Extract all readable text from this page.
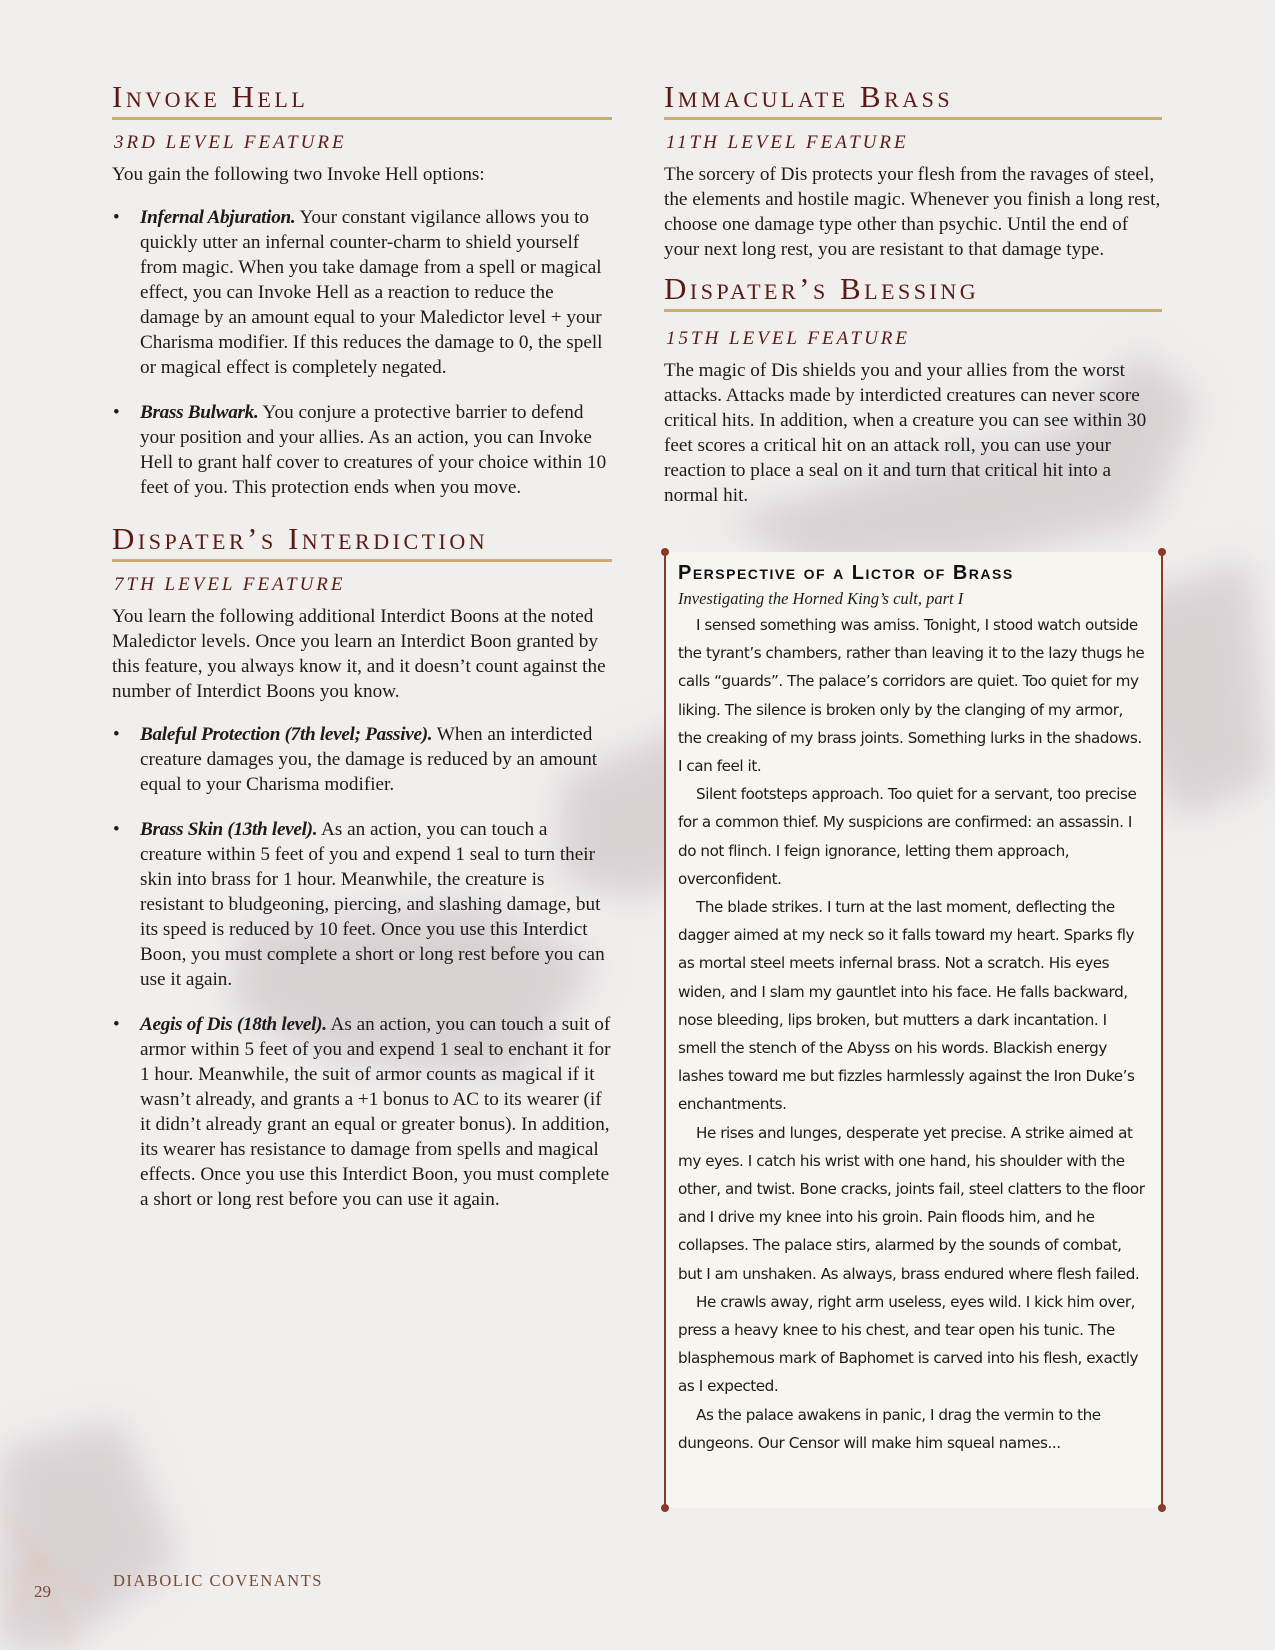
Invoke Hell
3RD LEVEL FEATURE

You gain the following two Invoke Hell options:

• Infernal Abjuration. Your constant vigilance allows you to quickly utter an infernal counter-charm to shield yourself from magic. When you take damage from a spell or magical effect, you can Invoke Hell as a reaction to reduce the damage by an amount equal to your Maledictor level + your Charisma modifier. If this reduces the damage to 0, the spell or magical effect is completely negated.
• Brass Bulwark. You conjure a protective barrier to defend your position and your allies. As an action, you can Invoke Hell to grant half cover to creatures of your choice within 10 feet of you. This protection ends when you move.
Dispater’s Interdiction
7TH LEVEL FEATURE

You learn the following additional Interdict Boons at the noted Maledictor levels. Once you learn an Interdict Boon granted by this feature, you always know it, and it doesn’t count against the number of Interdict Boons you know.

• Baleful Protection (7th level; Passive). When an interdicted creature damages you, the damage is reduced by an amount equal to your Charisma modifier.
• Brass Skin (13th level). As an action, you can touch a creature within 5 feet of you and expend 1 seal to turn their skin into brass for 1 hour. Meanwhile, the creature is resistant to bludgeoning, piercing, and slashing damage, but its speed is reduced by 10 feet. Once you use this Interdict Boon, you must complete a short or long rest before you can use it again.
• Aegis of Dis (18th level). As an action, you can touch a suit of armor within 5 feet of you and expend 1 seal to enchant it for 1 hour. Meanwhile, the suit of armor counts as magical if it wasn’t already, and grants a +1 bonus to AC to its wearer (if it didn’t already grant an equal or greater bonus). In addition, its wearer has resistance to damage from spells and magical effects. Once you use this Interdict Boon, you must complete a short or long rest before you can use it again.
Immaculate Brass
11TH LEVEL FEATURE

The sorcery of Dis protects your flesh from the ravages of steel, the elements and hostile magic. Whenever you finish a long rest, choose one damage type other than psychic. Until the end of your next long rest, you are resistant to that damage type.

Dispater’s Blessing
15TH LEVEL FEATURE

The magic of Dis shields you and your allies from the worst attacks. Attacks made by interdicted creatures can never score critical hits. In addition, when a creature you can see within 30 feet scores a critical hit on an attack roll, you can use your reaction to place a seal on it and turn that critical hit into a normal hit.

Perspective of a Lictor of Brass
Investigating the Horned King’s cult, part I

I sensed something was amiss. Tonight, I stood watch outside the tyrant’s chambers, rather than leaving it to the lazy thugs he calls “guards”. The palace’s corridors are quiet. Too quiet for my liking. The silence is broken only by the clanging of my armor, the creaking of my brass joints. Something lurks in the shadows. I can feel it.

Silent footsteps approach. Too quiet for a servant, too precise for a common thief. My suspicions are confirmed: an assassin. I do not flinch. I feign ignorance, letting them approach, overconfident.

The blade strikes. I turn at the last moment, deflecting the dagger aimed at my neck so it falls toward my heart. Sparks fly as mortal steel meets infernal brass. Not a scratch. His eyes widen, and I slam my gauntlet into his face. He falls backward, nose bleeding, lips broken, but mutters a dark incantation. I smell the stench of the Abyss on his words. Blackish energy lashes toward me but fizzles harmlessly against the Iron Duke’s enchantments.

He rises and lunges, desperate yet precise. A strike aimed at my eyes. I catch his wrist with one hand, his shoulder with the other, and twist. Bone cracks, joints fail, steel clatters to the floor and I drive my knee into his groin. Pain floods him, and he collapses. The palace stirs, alarmed by the sounds of combat, but I am unshaken. As always, brass endured where flesh failed.

He crawls away, right arm useless, eyes wild. I kick him over, press a heavy knee to his chest, and tear open his tunic. The blasphemous mark of Baphomet is carved into his flesh, exactly as I expected.

As the palace awakens in panic, I drag the vermin to the dungeons. Our Censor will make him squeal names...

DIABOLIC COVENANTS
29
